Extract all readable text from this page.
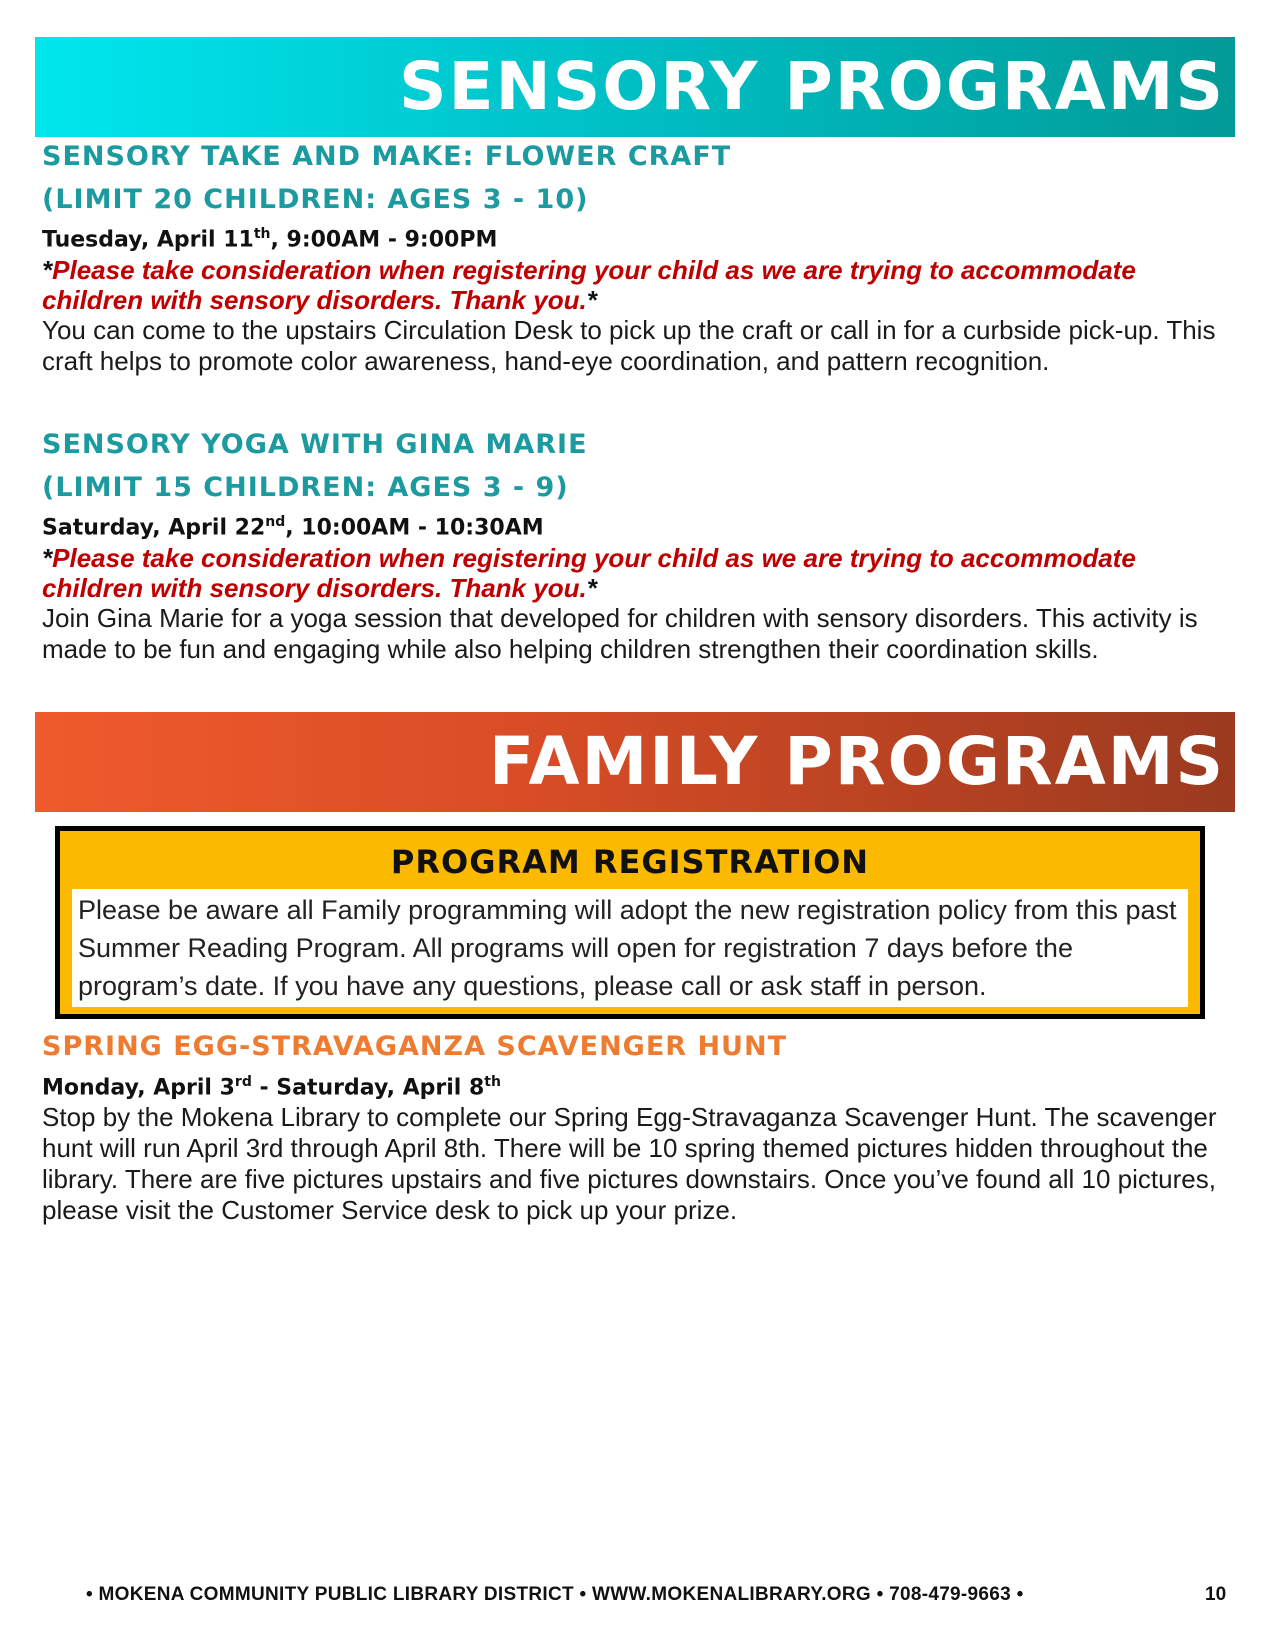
SENSORY PROGRAMS

SENSORY TAKE AND MAKE: FLOWER CRAFT

(LIMIT 20 CHILDREN: AGES 3 - 10)

Tuesday, April 11th, 9:00AM - 9:00PM

*Please take consideration when registering your child as we are trying to accommodate children with sensory disorders. Thank you.*

You can come to the upstairs Circulation Desk to pick up the craft or call in for a curbside pick-up. This craft helps to promote color awareness, hand-eye coordination, and pattern recognition.

SENSORY YOGA WITH GINA MARIE

(LIMIT 15 CHILDREN: AGES 3 - 9)

Saturday, April 22nd, 10:00AM - 10:30AM

*Please take consideration when registering your child as we are trying to accommodate children with sensory disorders. Thank you.*

Join Gina Marie for a yoga session that developed for children with sensory disorders. This activity is made to be fun and engaging while also helping children strengthen their coordination skills.

FAMILY PROGRAMS
PROGRAM REGISTRATION
Please be aware all Family programming will adopt the new registration policy from this past Summer Reading Program. All programs will open for registration 7 days before the program’s date. If you have any questions, please call or ask staff in person.

SPRING EGG-STRAVAGANZA SCAVENGER HUNT

Monday, April 3rd - Saturday, April 8th

Stop by the Mokena Library to complete our Spring Egg-Stravaganza Scavenger Hunt. The scavenger hunt will run April 3rd through April 8th. There will be 10 spring themed pictures hidden throughout the library. There are five pictures upstairs and five pictures downstairs. Once you’ve found all 10 pictures, please visit the Customer Service desk to pick up your prize.

• MOKENA COMMUNITY PUBLIC LIBRARY DISTRICT • WWW.MOKENALIBRARY.ORG • 708-479-9663 •	10
